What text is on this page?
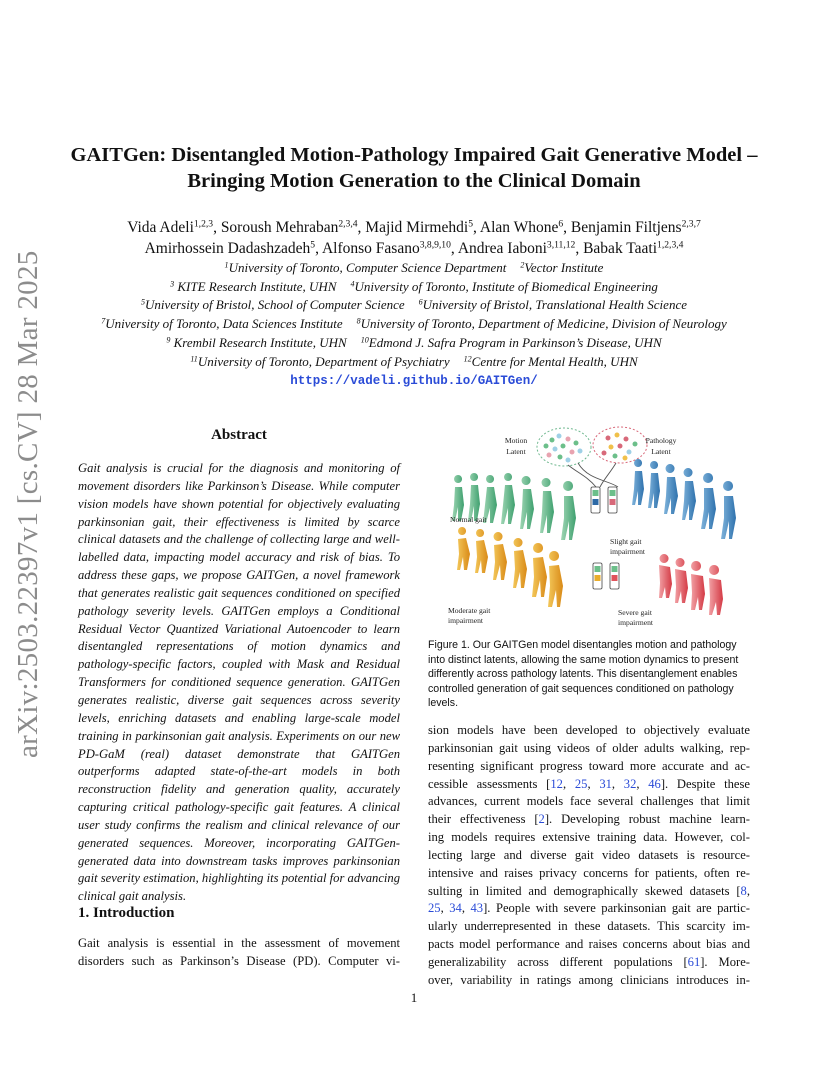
arXiv:2503.22397v1 [cs.CV] 28 Mar 2025
GAITGen: Disentangled Motion-Pathology Impaired Gait Generative Model –
Bringing Motion Generation to the Clinical Domain
Vida Adeli$^{1,2,3}$, Soroush Mehraban$^{2,3,4}$, Majid Mirmehdi$^5$, Alan Whone$^6$, Benjamin Filtjens$^{2,3,7}$
Amirhossein Dadashzadeh$^5$, Alfonso Fasano$^{3,8,9,10}$, Andrea Iaboni$^{3,11,12}$, Babak Taati$^{1,2,3,4}$
$^1$University of Toronto, Computer Science Department $^2$Vector Institute
$^3$ KITE Research Institute, UHN $^4$University of Toronto, Institute of Biomedical Engineering
$^5$University of Bristol, School of Computer Science $^6$University of Bristol, Translational Health Science
$^7$University of Toronto, Data Sciences Institute $^8$University of Toronto, Department of Medicine, Division of Neurology
$^9$ Krembil Research Institute, UHN $^{10}$Edmond J. Safra Program in Parkinson’s Disease, UHN
$^{11}$University of Toronto, Department of Psychiatry $^{12}$Centre for Mental Health, UHN
https://vadeli.github.io/GAITGen/
Abstract
Gait analysis is crucial for the diagnosis and monitoring of movement disorders like Parkinson’s Disease. While computer vision models have shown potential for objectively evaluating parkinsonian gait, their effectiveness is limited by scarce clinical datasets and the challenge of collecting large and well-labelled data, impacting model accuracy and risk of bias. To address these gaps, we propose GAITGen, a novel framework that generates realistic gait sequences conditioned on specified pathology severity levels. GAITGen employs a Conditional Residual Vector Quantized Variational Autoencoder to learn disentangled representations of motion dynamics and pathology-specific factors, coupled with Mask and Residual Transformers for conditioned sequence generation. GAITGen generates realistic, diverse gait sequences across severity levels, enriching datasets and enabling large-scale model training in parkinsonian gait analysis. Experiments on our new PD-GaM (real) dataset demonstrate that GAITGen outperforms adapted state-of-the-art models in both reconstruction fidelity and generation quality, accurately capturing critical pathology-specific gait features. A clinical user study confirms the realism and clinical relevance of our generated sequences. Moreover, incorporating GAITGen-generated data into downstream tasks improves parkinsonian gait severity estimation, highlighting its potential for advancing clinical gait analysis.
1. Introduction
Gait analysis is essential in the assessment of movement
disorders such as Parkinson’s Disease (PD). Computer vi-
Motion
Latent
Pathology
Latent
Normal gait
Slight gait
impairment
Moderate gait
impairment
Severe gait
impairment
Figure 1. Our GAITGen model disentangles motion and pathology into distinct latents, allowing the same motion dynamics to present differently across pathology latents. This disentanglement enables controlled generation of gait sequences conditioned on pathology levels.
sion models have been developed to objectively evaluate
parkinsonian gait using videos of older adults walking, rep-
resenting significant progress toward more accurate and ac-
cessible assessments [12, 25, 31, 32, 46]. Despite these
advances, current models face several challenges that limit
their effectiveness [2]. Developing robust machine learn-
ing models requires extensive training data. However, col-
lecting large and diverse gait video datasets is resource-
intensive and raises privacy concerns for patients, often re-
sulting in limited and demographically skewed datasets [8,
25, 34, 43]. People with severe parkinsonian gait are partic-
ularly underrepresented in these datasets. This scarcity im-
pacts model performance and raises concerns about bias and
generalizability across different populations [61]. More-
over, variability in ratings among clinicians introduces in-
1
